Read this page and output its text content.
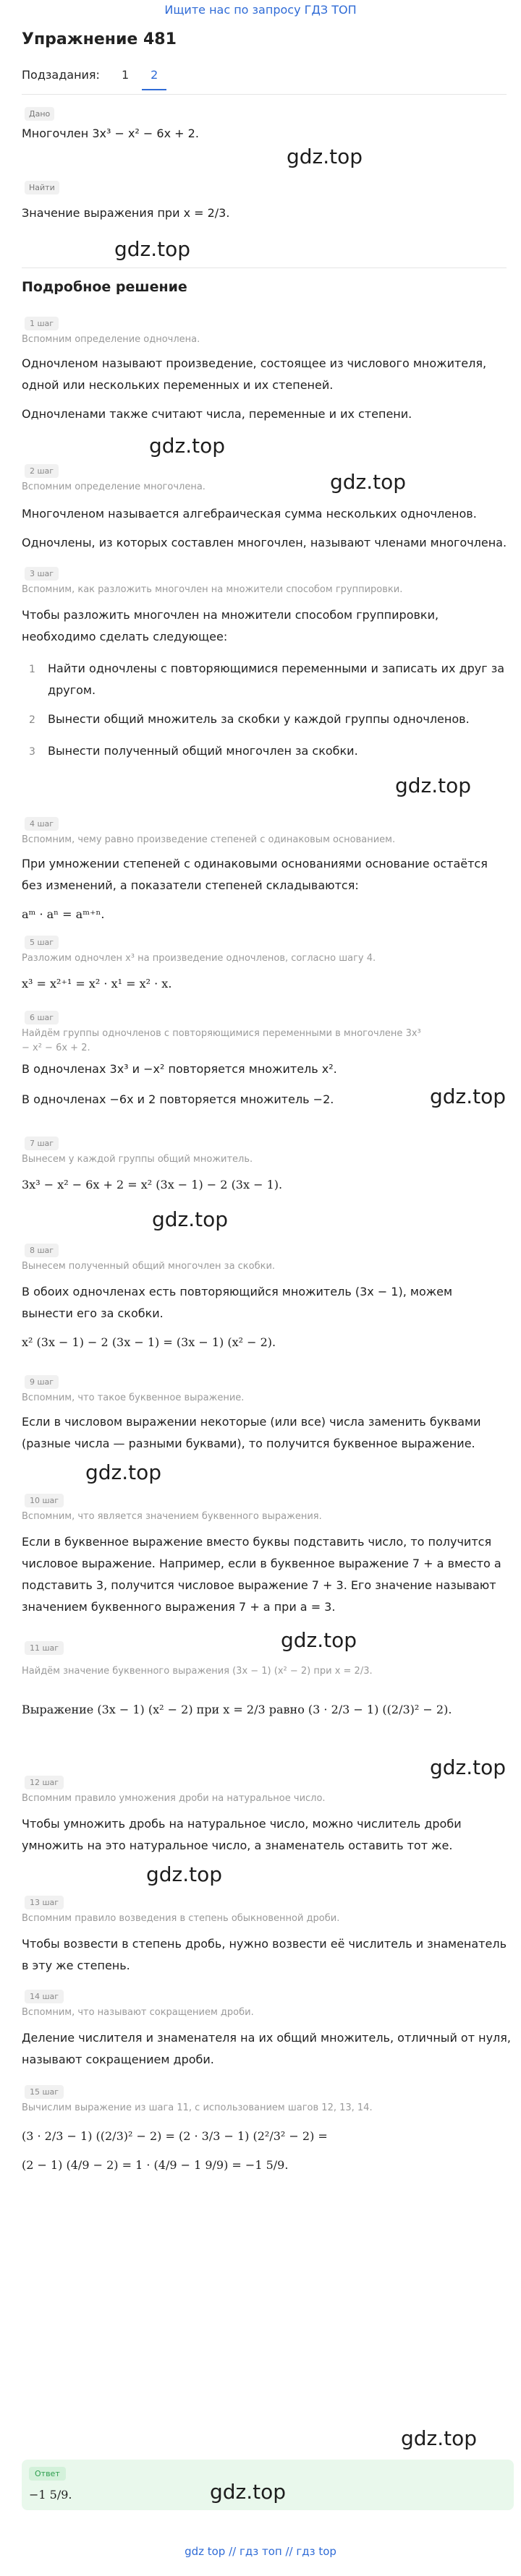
Ищите нас по запросу ГДЗ ТОП
Упражнение 481
Подзадания: 1 2
Дано
Многочлен 3x³ − x² − 6x + 2.
gdz.top
Найти
Значение выражения при x = 2/3.
gdz.top
Подробное решение
1 шаг
Вспомним определение одночлена.
Одночленом называют произведение, состоящее из числового множителя,
одной или нескольких переменных и их степеней.
Одночленами также считают числа, переменные и их степени.
gdz.top
2 шаг
Вспомним определение многочлена.	gdz.top
Многочленом называется алгебраическая сумма нескольких одночленов.
Одночлены, из которых составлен многочлен, называют членами многочлена.
3 шаг
Вспомним, как разложить многочлен на множители способом группировки.
Чтобы разложить многочлен на множители способом группировки,
необходимо сделать следующее:
1 Найти одночлены с повторяющимися переменными и записать их друг за
другом.
2 Вынести общий множитель за скобки у каждой группы одночленов.
3 Вынести полученный общий многочлен за скобки.
gdz.top
4 шаг
Вспомним, чему равно произведение степеней с одинаковым основанием.
При умножении степеней с одинаковыми основаниями основание остаётся
без изменений, а показатели степеней складываются:
aᵐ · aⁿ = aᵐ⁺ⁿ.
5 шаг
Разложим одночлен x³ на произведение одночленов, согласно шагу 4.
x³ = x²⁺¹ = x² · x¹ = x² · x.
6 шаг
Найдём группы одночленов с повторяющимися переменными в многочлене 3x³
− x² − 6x + 2.
В одночленах 3x³ и −x² повторяется множитель x².
gdz.top
В одночленах −6x и 2 повторяется множитель −2.
7 шаг
Вынесем у каждой группы общий множитель.
3x³ − x² − 6x + 2 = x² (3x − 1) − 2 (3x − 1).
gdz.top
8 шаг
Вынесем полученный общий многочлен за скобки.
В обоих одночленах есть повторяющийся множитель (3x − 1), можем
вынести его за скобки.
x² (3x − 1) − 2 (3x − 1) = (3x − 1) (x² − 2).
9 шаг
Вспомним, что такое буквенное выражение.
Если в числовом выражении некоторые (или все) числа заменить буквами
(разные числа — разными буквами), то получится буквенное выражение.
gdz.top
10 шаг
Вспомним, что является значением буквенного выражения.
Если в буквенное выражение вместо буквы подставить число, то получится
числовое выражение. Например, если в буквенное выражение 7 + a вместо a
подставить 3, получится числовое выражение 7 + 3. Его значение называют
значением буквенного выражения 7 + a при a = 3.
gdz.top
11 шаг
Найдём значение буквенного выражения (3x − 1) (x² − 2) при x = 2/3.
Выражение (3x − 1) (x² − 2) при x = 2/3 равно (3 · 2/3 − 1) ((2/3)² − 2).
gdz.top
12 шаг
Вспомним правило умножения дроби на натуральное число.
Чтобы умножить дробь на натуральное число, можно числитель дроби
умножить на это натуральное число, а знаменатель оставить тот же.
gdz.top
13 шаг
Вспомним правило возведения в степень обыкновенной дроби.
Чтобы возвести в степень дробь, нужно возвести её числитель и знаменатель
в эту же степень.
14 шаг
Вспомним, что называют сокращением дроби.
Деление числителя и знаменателя на их общий множитель, отличный от нуля,
называют сокращением дроби.
15 шаг
Вычислим выражение из шага 11, с использованием шагов 12, 13, 14.
(3 · 2/3 − 1) ((2/3)² − 2) = (2 · 3/3 − 1) (2²/3² − 2) =
(2 − 1) (4/9 − 2) = 1 · (4/9 − 1 9/9) = −1 5/9.
Ответ
−1 5/9.	gdz.top
gdz.top
gdz top // гдз топ // гдз top
